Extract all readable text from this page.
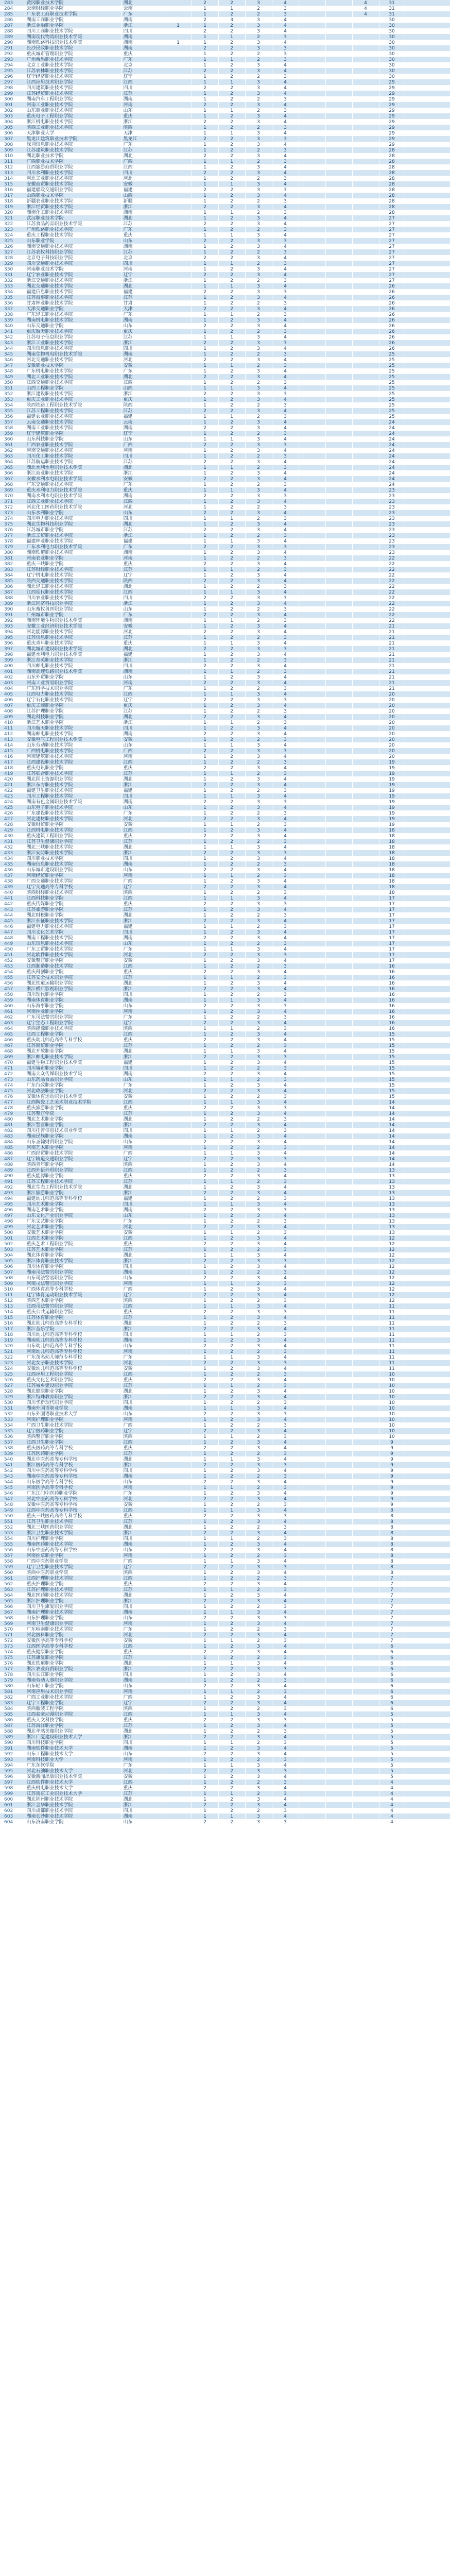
283	黄冈职业技术学院	湖北		2	2	3	4			4	31	
284	云南财经职业学院	云南		1	1	2	3			4	31	
285	广东农工商职业技术学院	广东		1	2	2	3			4	31	
286	湖南工商职业学院	湖南		2	3	3	4				30	
287	浙江金融职业学院	浙江	1	1	2	3	4				30	
288	四川工商职业技术学院	四川		2	2	3	4				30	
289	湖南现代物流职业技术学院	湖南		1	1	2	3				30	
290	湖南铁路科技职业技术学院	湖南	1	1	2	3	4				30	
291	长沙民政职业技术学院	湖南		2	2	3	3				30	
292	重庆城市管理职业学院	重庆		1	2	2	3				30	
293	广州番禺职业技术学院	广东		1	1	2	3				30	
294	北京工业职业技术学院	北京		1	2	3	4				30	
295	江苏农林职业技术学院	江苏		2	2	3	4				30	
296	辽宁经济职业技术学院	辽宁		1	2	2	3				30	
297	江西应用技术职业学院	江西		1	1	3	4				29	
298	四川建筑职业技术学院	四川		2	2	3	4				29	
299	江苏经贸职业技术学院	江苏		1	2	3	4				29	
300	湖南汽车工程职业学院	湖南		1	2	2	3				29	
301	河南工业职业技术学院	河南		2	2	3	4				29	
302	山东商业职业技术学院	山东		1	1	2	3				29	
303	重庆电子工程职业学院	重庆		1	2	3	4				29	
304	浙江机电职业技术学院	浙江		2	2	3	4				29	
305	陕西工业职业技术学院	陕西		1	2	2	3				29	
306	天津职业大学	天津		1	1	3	4				29	
307	黑龙江建筑职业技术学院	黑龙江		2	2	3	3				29	
308	深圳信息职业技术学院	广东		1	2	3	4				29	
309	江苏建筑职业技术学院	江苏		1	2	2	3				28	
310	湖北职业技术学院	湖北		2	2	3	4				28	
311	广西职业技术学院	广西		1	1	2	3				28	
312	江西旅游商贸职业学院	江西		1	2	3	4				28	
313	四川水利职业技术学院	四川		2	2	3	4				28	
314	河北工业职业技术学院	河北		1	2	2	3				28	
315	安徽商贸职业技术学院	安徽		1	1	3	4				28	
316	福建船政交通职业学院	福建		2	2	3	3				28	
317	山西职业技术学院	山西		1	2	3	4				28	
318	新疆农业职业技术学院	新疆		1	2	2	3				28	
319	浙江经贸职业技术学院	浙江		2	2	3	4				28	
320	湖南化工职业技术学院	湖南		1	1	2	3				28	
321	武汉职业技术学院	湖北		1	2	3	4				27	
322	江苏食品药品职业技术学院	江苏		2	2	3	4				27	
323	广州铁路职业技术学院	广东		1	2	2	3				27	
324	重庆工程职业技术学院	重庆		1	1	3	4				27	
325	山东职业学院	山东		2	2	3	3				27	
326	湖南交通职业技术学院	湖南		1	2	3	4				27	
327	江苏农牧科技职业学院	江苏		1	2	2	3				27	
328	北京电子科技职业学院	北京		2	2	3	4				27	
329	四川交通职业技术学院	四川		1	1	2	3				27	
330	河南职业技术学院	河南		1	2	3	4				27	
331	辽宁农业职业技术学院	辽宁		2	2	3	4				27	
332	浙江交通职业技术学院	浙江		1	2	2	3				27	
333	湖北交通职业技术学院	湖北		1	1	3	4				26	
334	福建信息职业技术学院	福建		2	2	3	3				26	
335	江苏海事职业技术学院	江苏		1	2	3	4				26	
336	甘肃林业职业技术学院	甘肃		1	2	2	3				26	
337	天津交通职业学院	天津		2	2	3	4				26	
338	广东轻工职业技术学院	广东		1	1	2	3				26	
339	湖南机电职业技术学院	湖南		1	2	3	4				26	
340	山东交通职业学院	山东		2	2	3	4				26	
341	重庆航天职业技术学院	重庆		1	2	2	3				26	
342	江苏电子信息职业学院	江苏		1	1	3	4				26	
343	浙江工业职业技术学院	浙江		2	2	3	3				26	
344	四川信息职业技术学院	四川		1	2	3	4				26	
345	湖南生物机电职业技术学院	湖南		1	2	2	3				25	
346	河北交通职业技术学院	河北		2	2	3	4				25	
347	安徽职业技术学院	安徽		1	1	2	3				25	
348	广东机电职业技术学院	广东		1	2	3	4				25	
349	湖北工业职业技术学院	湖北		2	2	3	4				25	
350	江西交通职业技术学院	江西		1	2	2	3				25	
351	山西工程职业学院	山西		1	1	3	4				25	
352	浙江建设职业技术学院	浙江		2	2	3	3				25	
353	重庆工业职业技术学院	重庆		1	2	3	4				25	
354	陕西铁路工程职业技术学院	陕西		1	2	2	3				25	
355	江苏工程职业技术学院	江苏		2	2	3	4				25	
356	福建农业职业技术学院	福建		1	1	2	3				25	
357	云南交通职业技术学院	云南		1	2	3	4				24	
358	湖南工业职业技术学院	湖南		2	2	3	4				24	
359	辽宁建筑职业学院	辽宁		1	2	2	3				24	
360	山东科技职业学院	山东		1	1	3	4				24	
361	广西农业职业技术学院	广西		2	2	3	3				24	
362	河南交通职业技术学院	河南		1	2	3	4				24	
363	四川化工职业技术学院	四川		1	2	2	3				24	
364	江苏航运职业技术学院	江苏		2	2	3	4				24	
365	湖北水利水电职业技术学院	湖北		1	1	2	3				24	
366	浙江商业职业技术学院	浙江		1	2	3	4				24	
367	安徽水利水电职业技术学院	安徽		2	2	3	4				24	
368	广东交通职业技术学院	广东		1	2	2	3				24	
369	重庆水利电力职业技术学院	重庆		1	1	3	4				23	
370	湖南水利水电职业技术学院	湖南		2	2	3	3				23	
371	江西工业职业技术学院	江西		1	2	3	4				23	
372	河北化工医药职业技术学院	河北		1	2	2	3				23	
373	山东水利职业学院	山东		2	2	3	4				23	
374	四川电力职业技术学院	四川		1	1	2	3				23	
375	湖北生物科技职业学院	湖北		1	2	3	4				23	
376	江苏城市职业学院	江苏		2	2	3	4				23	
377	浙江工贸职业技术学院	浙江		1	2	2	3				23	
378	福建林业职业技术学院	福建		1	1	3	4				23	
379	广东水利电力职业技术学院	广东		2	2	3	3				23	
380	湖南铁道职业技术学院	湖南		1	2	3	4				23	
381	河南农业职业学院	河南		1	2	2	3				22	
382	重庆三峡职业学院	重庆		2	2	3	4				22	
383	江苏财经职业技术学院	江苏		1	1	2	3				22	
384	辽宁机电职业技术学院	辽宁		1	2	3	4				22	
385	陕西交通职业技术学院	陕西		2	2	3	4				22	
386	湖北轻工职业技术学院	湖北		1	2	2	3				22	
387	江西现代职业技术学院	江西		1	1	3	4				22	
388	四川农业职业技术学院	四川		2	2	3	3				22	
389	浙江同济科技职业学院	浙江		1	2	3	4				22	
390	山东畜牧兽医职业学院	山东		1	2	2	3				22	
391	广州城市职业学院	广东		2	2	3	4				22	
392	湖南环境生物职业技术学院	湖南		1	1	2	3				22	
393	安徽工业经济职业技术学院	安徽		1	2	3	4				21	
394	河北能源职业技术学院	河北		2	2	3	4				21	
395	江苏信息职业技术学院	江苏		1	2	2	3				21	
396	重庆青年职业技术学院	重庆		1	1	3	4				21	
397	湖北城市建设职业技术学院	湖北		2	2	3	3				21	
398	福建水利电力职业技术学院	福建		1	2	3	4				21	
399	浙江育英职业技术学院	浙江		1	2	2	3				21	
400	四川邮电职业技术学院	四川		2	2	3	4				21	
401	湖南高速铁路职业技术学院	湖南		1	1	2	3				21	
402	山东外贸职业学院	山东		1	2	3	4				21	
403	河南工业贸易职业学院	河南		2	2	3	4				21	
404	广东科学技术职业学院	广东		1	2	2	3				21	
405	江西电力职业技术学院	江西		1	1	3	4				20	
406	辽宁石化职业技术学院	辽宁		2	2	3	3				20	
407	重庆工商职业学院	重庆		1	2	3	4				20	
408	江苏护理职业学院	江苏		1	2	2	3				20	
409	湖北科技职业学院	湖北		2	2	3	4				20	
410	浙江艺术职业学院	浙江		1	1	2	3				20	
411	四川航天职业技术学院	四川		1	2	3	4				20	
412	湖南邮电职业技术学院	湖南		2	2	3	4				20	
413	安徽电气工程职业技术学院	安徽		1	2	2	3				20	
414	山东劳动职业技术学院	山东		1	1	3	4				20	
415	广西机电职业技术学院	广西		2	2	3	3				20	
416	河南建筑职业技术学院	河南		1	2	3	4				20	
417	江西建设职业技术学院	江西		1	2	2	3				19	
418	重庆电讯职业学院	重庆		2	2	3	4				19	
419	江苏联合职业技术学院	江苏		1	1	2	3				19	
420	湖北国土资源职业学院	湖北		1	2	3	4				19	
421	浙江东方职业技术学院	浙江		2	2	3	4				19	
422	福建卫生职业技术学院	福建		1	2	2	3				19	
423	四川工程职业技术学院	四川		1	1	3	4				19	
424	湖南有色金属职业技术学院	湖南		2	2	3	3				19	
425	山东电子职业技术学院	山东		1	2	3	4				19	
426	广东建设职业技术学院	广东		1	2	2	3				19	
427	河北建材职业技术学院	河北		2	2	3	4				19	
428	安徽财贸职业学院	安徽		1	1	2	3				19	
429	江西机电职业技术学院	江西		1	2	3	4				18	
430	重庆建筑工程职业学院	重庆		2	2	3	4				18	
431	江苏卫生健康职业学院	江苏		1	2	2	3				18	
432	湖北三峡职业技术学院	湖北		1	1	3	4				18	
433	浙江安防职业技术学院	浙江		2	2	3	3				18	
434	四川职业技术学院	四川		1	2	3	4				18	
435	湖南信息职业技术学院	湖南		1	2	2	3				18	
436	山东城市建设职业学院	山东		2	2	3	4				18	
437	河南经贸职业学院	河南		1	1	2	3				18	
438	广西交通职业技术学院	广西		1	2	3	4				18	
439	辽宁交通高等专科学校	辽宁		2	2	3	4				18	
440	陕西财经职业技术学院	陕西		1	2	2	3				18	
441	江西科技职业学院	江西		1	1	3	4				17	
442	重庆传媒职业学院	重庆		2	2	3	3				17	
443	江苏旅游职业学院	江苏		1	2	3	4				17	
444	湖北财税职业学院	湖北		1	2	2	3				17	
445	浙江长征职业技术学院	浙江		2	2	3	4				17	
446	福建电力职业技术学院	福建		1	1	2	3				17	
447	四川文化艺术学院	四川		1	2	3	4				17	
448	湖南工程职业技术学院	湖南		2	2	3	4				17	
449	山东信息职业技术学院	山东		1	2	2	3				17	
450	广东工贸职业技术学院	广东		1	1	3	4				17	
451	河北软件职业技术学院	河北		2	2	3	3				17	
452	安徽警官职业学院	安徽		1	2	3	4				17	
453	江西制造职业技术学院	江西		1	2	2	3				16	
454	重庆科创职业学院	重庆		2	2	3	4				16	
455	江苏安全技术职业学院	江苏		1	1	2	3				16	
456	湖北铁道运输职业学院	湖北		1	2	3	4				16	
457	浙江横店影视职业学院	浙江		2	2	3	4				16	
458	四川现代职业学院	四川		1	2	2	3				16	
459	湖南体育职业学院	湖南		1	1	3	4				16	
460	山东海事职业学院	山东		2	2	3	3				16	
461	河南林业职业学院	河南		1	2	3	4				16	
462	广东司法警官职业学院	广东		1	2	2	3				16	
463	辽宁生态工程职业学院	辽宁		2	2	3	4				16	
464	陕西能源职业技术学院	陕西		1	1	2	3				16	
465	江西工程职业学院	江西		1	2	3	4				15	
466	重庆幼儿师范高等专科学校	重庆		2	2	3	4				15	
467	江苏商贸职业学院	江苏		1	2	2	3				15	
468	湖北开放职业学院	湖北		1	1	3	4				15	
469	浙江邮电职业技术学院	浙江		2	2	3	3				15	
470	福建生物工程职业技术学院	福建		1	2	3	4				15	
471	四川城市职业学院	四川		1	2	2	3				15	
472	湖南大众传媒职业技术学院	湖南		2	2	3	4				15	
473	山东药品食品职业学院	山东		1	1	2	3				15	
474	广东行政职业学院	广东		1	2	3	4				15	
475	河北政法职业学院	河北		2	2	3	4				15	
476	安徽体育运动职业技术学院	安徽		1	2	2	3				15	
477	江西陶瓷工艺美术职业技术学院	江西		1	1	3	4				14	
478	重庆旅游职业学院	重庆		2	2	3	3				14	
479	江苏警官学院	江苏		1	2	3	4				14	
480	湖北艺术职业学院	湖北		1	2	2	3				14	
481	浙江警官职业学院	浙江		2	2	3	4				14	
482	四川托普信息技术职业学院	四川		1	1	2	3				14	
483	湖南民族职业学院	湖南		1	2	3	4				14	
484	山东圣翰财贸职业学院	山东		2	2	3	4				14	
485	河南艺术职业学院	河南		1	2	2	3				14	
486	广西经贸职业技术学院	广西		1	1	3	4				14	
487	辽宁轨道交通职业学院	辽宁		2	2	3	3				14	
488	陕西青年职业学院	陕西		1	2	3	4				14	
489	江西外语外贸职业学院	江西		1	2	2	3				13	
490	重庆能源职业学院	重庆		2	2	3	4				13	
491	江苏工程职业技术学院	江苏		1	1	2	3				13	
492	湖北生态工程职业技术学院	湖北		1	2	3	4				13	
493	浙江旅游职业学院	浙江		2	2	3	4				13	
494	福建幼儿师范高等专科学校	福建		1	2	2	3				13	
495	四川艺术职业学院	四川		1	1	3	4				13	
496	湖南艺术职业学院	湖南		2	2	3	3				13	
497	山东文化产业职业学院	山东		1	2	3	4				13	
498	广东文艺职业学院	广东		1	2	2	3				13	
499	河北艺术职业学院	河北		2	2	3	4				13	
500	安徽艺术职业学院	安徽		1	1	2	3				13	
501	江西艺术职业学院	江西		1	2	3	4				12	
502	重庆艺术工程职业学院	重庆		2	2	3	4				12	
503	江苏艺术职业学院	江苏		1	2	2	3				12	
504	湖北体育职业学院	湖北		1	1	3	4				12	
505	浙江体育职业技术学院	浙江		2	2	3	3				12	
506	四川体育职业学院	四川		1	2	3	4				12	
507	湖南司法警官职业学院	湖南		1	2	2	3				12	
508	山东司法警官职业学院	山东		2	2	3	4				12	
509	河南司法警官职业学院	河南		1	1	2	3				12	
510	广西体育高等专科学校	广西		1	2	3	4				12	
511	辽宁体育运动职业技术学院	辽宁		2	2	3	4				12	
512	陕西艺术职业学院	陕西		1	2	2	3				12	
513	江西司法警官职业学院	江西		1	1	3	4				11	
514	重庆公共运输职业学院	重庆		2	2	3	3				11	
515	江苏体育职业学院	江苏		1	2	3	4				11	
516	湖北幼儿师范高等专科学校	湖北		1	2	2	3				11	
517	浙江音乐学院	浙江		2	2	3	4				11	
518	四川幼儿师范高等专科学校	四川		1	1	2	3				11	
519	湖南幼儿师范高等专科学校	湖南		1	2	3	4				11	
520	山东幼儿师范高等专科学校	山东		2	2	3	4				11	
521	河南幼儿师范高等专科学校	河南		1	2	2	3				11	
522	广东茂名幼儿师范专科学校	广东		1	1	3	4				11	
523	河北女子职业技术学院	河北		2	2	3	3				11	
524	安徽幼儿师范高等专科学校	安徽		1	2	3	4				11	
525	江西应用工程职业学院	江西		1	2	2	3				10	
526	重庆文化艺术职业学院	重庆		2	2	3	4				10	
527	江苏城乡建设职业学院	江苏		1	1	2	3				10	
528	湖北健康职业学院	湖北		1	2	3	4				10	
529	浙江特殊教育职业学院	浙江		2	2	3	4				10	
530	四川华新现代职业学院	四川		1	2	2	3				10	
531	湖南外国语职业学院	湖南		1	1	3	4				10	
532	山东外国语职业技术大学	山东		2	2	3	3				10	
533	河南护理职业学院	河南		1	2	3	4				10	
534	广西卫生职业技术学院	广西		1	2	2	3				10	
535	辽宁医药职业学院	辽宁		2	2	3	4				10	
536	陕西警官职业学院	陕西		1	1	2	3				10	
537	江西卫生职业学院	江西		1	2	3	4				9	
538	重庆医药高等专科学校	重庆		2	2	3	4				9	
539	江苏医药职业学院	江苏		1	2	2	3				9	
540	湖北中医药高等专科学校	湖北		1	1	3	4				9	
541	浙江医药高等专科学校	浙江		2	2	3	3				9	
542	四川中医药高等专科学校	四川		1	2	3	4				9	
543	湖南中医药高等专科学校	湖南		1	2	2	3				9	
544	山东医学高等专科学校	山东		2	2	3	4				9	
545	河南医学高等专科学校	河南		1	1	2	3				9	
546	广东江门中医药职业学院	广东		1	2	3	4				9	
547	河北中医药高等专科学校	河北		2	2	3	4				9	
548	安徽中医药高等专科学校	安徽		1	2	2	3				9	
549	江西中医药高等专科学校	江西		1	1	3	4				8	
550	重庆三峡医药高等专科学校	重庆		2	2	3	3				8	
551	江苏卫生职业技术学院	江苏		1	2	3	4				8	
552	湖北三峡医药职业学院	湖北		1	2	2	3				8	
553	浙江卫生职业技术学院	浙江		2	2	3	4				8	
554	四川护理职业学院	四川		1	1	2	3				8	
555	湖南医药职业技术学院	湖南		1	2	3	4				8	
556	山东中医药高等专科学校	山东		2	2	3	4				8	
557	河南推拿职业学院	河南		1	2	2	3				8	
558	广西中医药职业学院	广西		1	1	3	4				8	
559	辽宁卫生职业技术学院	辽宁		2	2	3	3				8	
560	陕西中医药职业学院	陕西		1	2	3	4				8	
561	江西护理职业技术学院	江西		1	2	2	3				7	
562	重庆护理职业学院	重庆		2	2	3	4				7	
563	江苏护理职业技术学院	江苏		1	1	2	3				7	
564	湖北医药职业技术学院	湖北		1	2	3	4				7	
565	浙江护理职业学院	浙江		2	2	3	4				7	
566	四川卫生康复职业学院	四川		1	2	2	3				7	
567	湖南护理职业技术学院	湖南		1	1	3	4				7	
568	山东护理职业学院	山东		2	2	3	3				7	
569	河南卫生健康职业学院	河南		1	2	3	4				7	
570	广东岭南职业技术学院	广东		1	2	2	3				7	
571	河北医科职业学院	河北		2	2	3	4				7	
572	安徽医学高等专科学校	安徽		1	1	2	3				7	
573	江西医学高等专科学校	江西		1	2	3	4				6	
574	重庆健康职业学院	重庆		2	2	3	4				6	
575	江苏康复职业学院	江苏		1	2	2	3				6	
576	湖北铁道职业学院	湖北		1	1	3	4				6	
577	浙江农业商贸职业学院	浙江		2	2	3	3				6	
578	四川长江职业学院	四川		1	2	3	4				6	
579	湖南劳动人事职业学院	湖南		1	2	2	3				6	
580	山东轻工职业学院	山东		2	2	3	4				6	
581	河南应用技术职业学院	河南		1	1	2	3				6	
582	广西工业职业技术学院	广西		1	2	3	4				6	
583	辽宁工程职业学院	辽宁		2	2	3	4				6	
584	陕西服装工程学院	陕西		1	2	2	3				6	
585	江西泰豪动漫职业学院	江西		1	1	3	4				5	
586	重庆人文科技学院	重庆		2	2	3	3				5	
587	江苏海洋职业学院	江苏		1	2	3	4				5	
588	湖北孝感美珈职业学院	湖北		1	2	2	3				5	
589	浙江广厦建设职业技术大学	浙江		2	2	3	4				5	
590	四川科技职业学院	四川		1	1	2	3				5	
591	湖南软件职业技术大学	湖南		1	2	3	4				5	
592	山东工程职业技术大学	山东		2	2	3	4				5	
593	河南科技职业大学	河南		1	2	2	3				5	
594	广东东软学院	广东		1	1	3	4				5	
595	河北石油职业技术大学	河北		2	2	3	3				5	
596	安徽新闻出版职业技术学院	安徽		1	2	3	4				5	
597	江西软件职业技术大学	江西		1	2	2	3				4	
598	重庆机电职业技术大学	重庆		2	2	3	4				4	
599	江苏南京工业职业技术大学	江苏		1	1	2	3				4	
600	湖北荆州职业技术学院	湖北		1	2	3	4				4	
601	浙江金华职业技术学院	浙江		2	2	3	4				4	
602	四川成都职业技术学院	四川		1	2	2	3				4	
603	湖南长沙职业技术学院	湖南		1	1	3	4				4	
604	山东济南职业学院	山东		2	2	3	3				4	
